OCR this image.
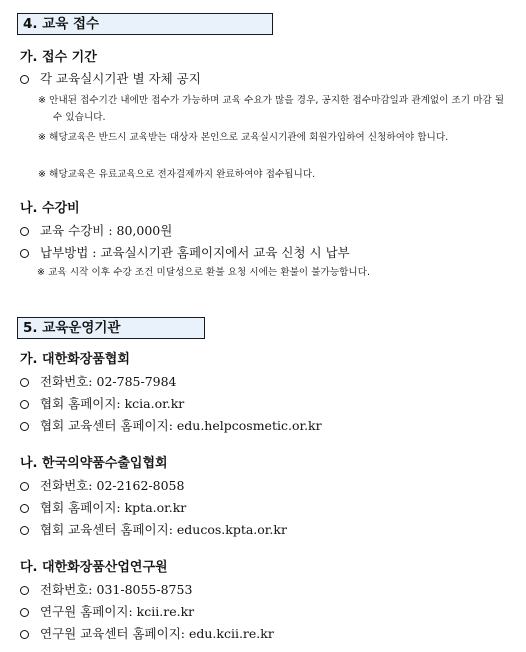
4. 교육 접수
가. 접수 기간
각 교육실시기관 별 자체 공지
※ 안내된 접수기간 내에만 접수가 가능하며 교육 수요가 많을 경우, 공지한 접수마감일과 관계없이 조기 마감 될 수 있습니다.
※ 해당교육은 반드시 교육받는 대상자 본인으로 교육실시기관에 회원가입하여 신청하여야 합니다.
※ 해당교육은 유료교육으로 전자결제까지 완료하여야 접수됩니다.
나. 수강비
교육 수강비 : 80,000원
납부방법 : 교육실시기관 홈페이지에서 교육 신청 시 납부
※ 교육 시작 이후 수강 조건 미달성으로 환불 요청 시에는 환불이 불가능합니다.
5. 교육운영기관
가. 대한화장품협회
전화번호: 02-785-7984
협회 홈페이지: kcia.or.kr
협회 교육센터 홈페이지: edu.helpcosmetic.or.kr
나. 한국의약품수출입협회
전화번호: 02-2162-8058
협회 홈페이지: kpta.or.kr
협회 교육센터 홈페이지: educos.kpta.or.kr
다. 대한화장품산업연구원
전화번호: 031-8055-8753
연구원 홈페이지: kcii.re.kr
연구원 교육센터 홈페이지: edu.kcii.re.kr
